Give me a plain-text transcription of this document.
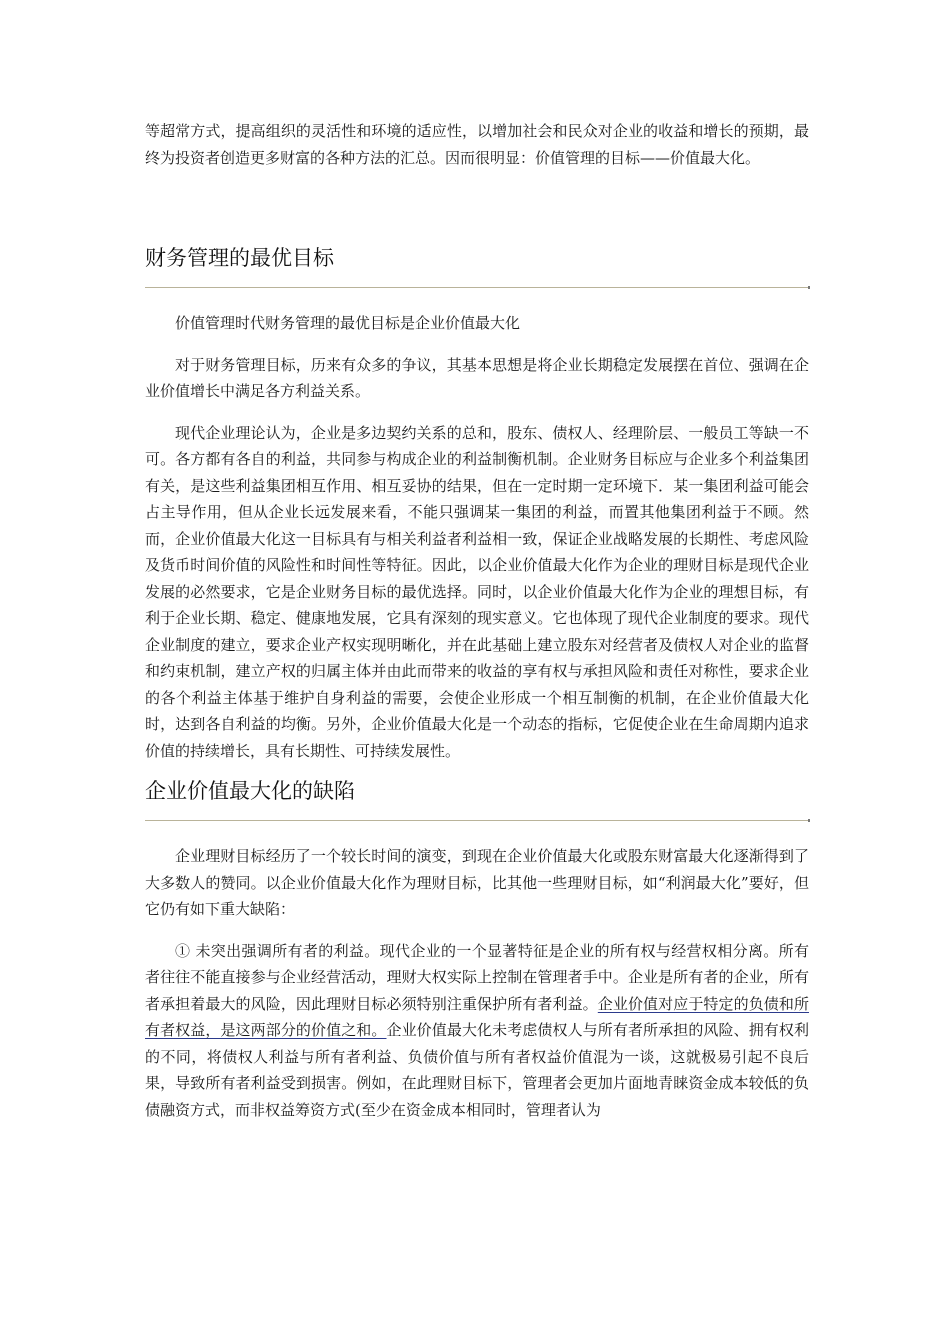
等超常方式，提高组织的灵活性和环境的适应性，以增加社会和民众对企业的收益和增长的预期，最终为投资者创造更多财富的各种方法的汇总。因而很明显：价值管理的目标——价值最大化。

财务管理的最优目标

价值管理时代财务管理的最优目标是企业价值最大化

对于财务管理目标，历来有众多的争议，其基本思想是将企业长期稳定发展摆在首位、强调在企业价值增长中满足各方利益关系。

现代企业理论认为，企业是多边契约关系的总和，股东、债权人、经理阶层、一般员工等缺一不可。各方都有各自的利益，共同参与构成企业的利益制衡机制。企业财务目标应与企业多个利益集团有关，是这些利益集团相互作用、相互妥协的结果，但在一定时期一定环境下．某一集团利益可能会占主导作用，但从企业长远发展来看，不能只强调某一集团的利益，而置其他集团利益于不顾。然而，企业价值最大化这一目标具有与相关利益者利益相一致，保证企业战略发展的长期性、考虑风险及货币时间价值的风险性和时间性等特征。因此，以企业价值最大化作为企业的理财目标是现代企业发展的必然要求，它是企业财务目标的最优选择。同时，以企业价值最大化作为企业的理想目标，有利于企业长期、稳定、健康地发展，它具有深刻的现实意义。它也体现了现代企业制度的要求。现代企业制度的建立，要求企业产权实现明晰化，并在此基础上建立股东对经营者及债权人对企业的监督和约束机制，建立产权的归属主体并由此而带来的收益的享有权与承担风险和责任对称性，要求企业的各个利益主体基于维护自身利益的需要，会使企业形成一个相互制衡的机制，在企业价值最大化时，达到各自利益的均衡。另外，企业价值最大化是一个动态的指标，它促使企业在生命周期内追求价值的持续增长，具有长期性、可持续发展性。

企业价值最大化的缺陷

企业理财目标经历了一个较长时间的演变，到现在企业价值最大化或股东财富最大化逐渐得到了大多数人的赞同。以企业价值最大化作为理财目标，比其他一些理财目标，如“利润最大化”要好，但它仍有如下重大缺陷：

① 未突出强调所有者的利益。现代企业的一个显著特征是企业的所有权与经营权相分离。所有者往往不能直接参与企业经营活动，理财大权实际上控制在管理者手中。企业是所有者的企业，所有者承担着最大的风险，因此理财目标必须特别注重保护所有者利益。企业价值对应于特定的负债和所有者权益，是这两部分的价值之和。企业价值最大化未考虑债权人与所有者所承担的风险、拥有权利的不同，将债权人利益与所有者利益、负债价值与所有者权益价值混为一谈，这就极易引起不良后果，导致所有者利益受到损害。例如，在此理财目标下，管理者会更加片面地青睐资金成本较低的负债融资方式，而非权益筹资方式(至少在资金成本相同时，管理者认为
